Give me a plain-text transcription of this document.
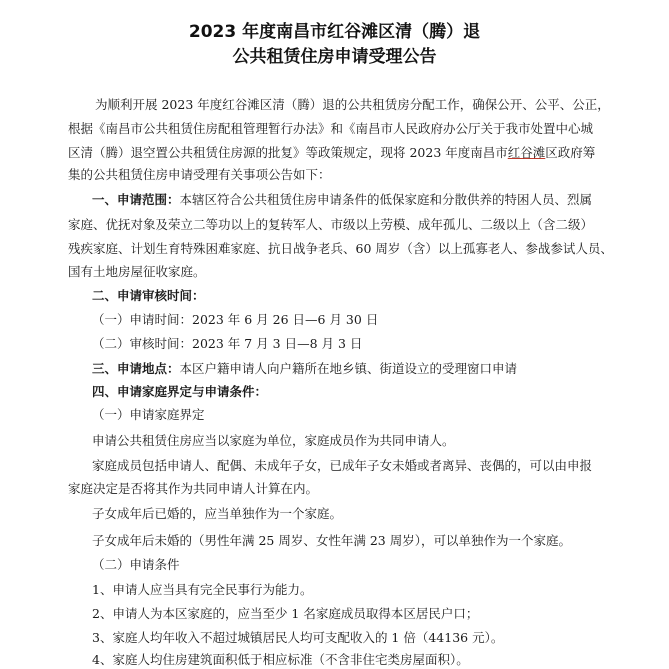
2023 年度南昌市红谷滩区清（腾）退
公共租赁住房申请受理公告
为顺利开展 2023 年度红谷滩区清（腾）退的公共租赁房分配工作，确保公开、公平、公正，
根据《南昌市公共租赁住房配租管理暂行办法》和《南昌市人民政府办公厅关于我市处置中心城
区清（腾）退空置公共租赁住房源的批复》等政策规定，现将 2023 年度南昌市红谷滩区政府筹
集的公共租赁住房申请受理有关事项公告如下：
一、申请范围：本辖区符合公共租赁住房申请条件的低保家庭和分散供养的特困人员、烈属
家庭、优抚对象及荣立二等功以上的复转军人、市级以上劳模、成年孤儿、二级以上（含二级）
残疾家庭、计划生育特殊困难家庭、抗日战争老兵、60 周岁（含）以上孤寡老人、参战参试人员、
国有土地房屋征收家庭。
二、申请审核时间：
（一）申请时间：2023 年 6 月 26 日—6 月 30 日
（二）审核时间：2023 年 7 月 3 日—8 月 3 日
三、申请地点：本区户籍申请人向户籍所在地乡镇、街道设立的受理窗口申请
四、申请家庭界定与申请条件：
（一）申请家庭界定
申请公共租赁住房应当以家庭为单位，家庭成员作为共同申请人。
家庭成员包括申请人、配偶、未成年子女，已成年子女未婚或者离异、丧偶的，可以由申报
家庭决定是否将其作为共同申请人计算在内。
子女成年后已婚的，应当单独作为一个家庭。
子女成年后未婚的（男性年满 25 周岁、女性年满 23 周岁），可以单独作为一个家庭。
（二）申请条件
1、申请人应当具有完全民事行为能力。
2、申请人为本区家庭的，应当至少 1 名家庭成员取得本区居民户口；
3、家庭人均年收入不超过城镇居民人均可支配收入的 1 倍（44136 元）。
4、家庭人均住房建筑面积低于相应标准（不含非住宅类房屋面积）。
